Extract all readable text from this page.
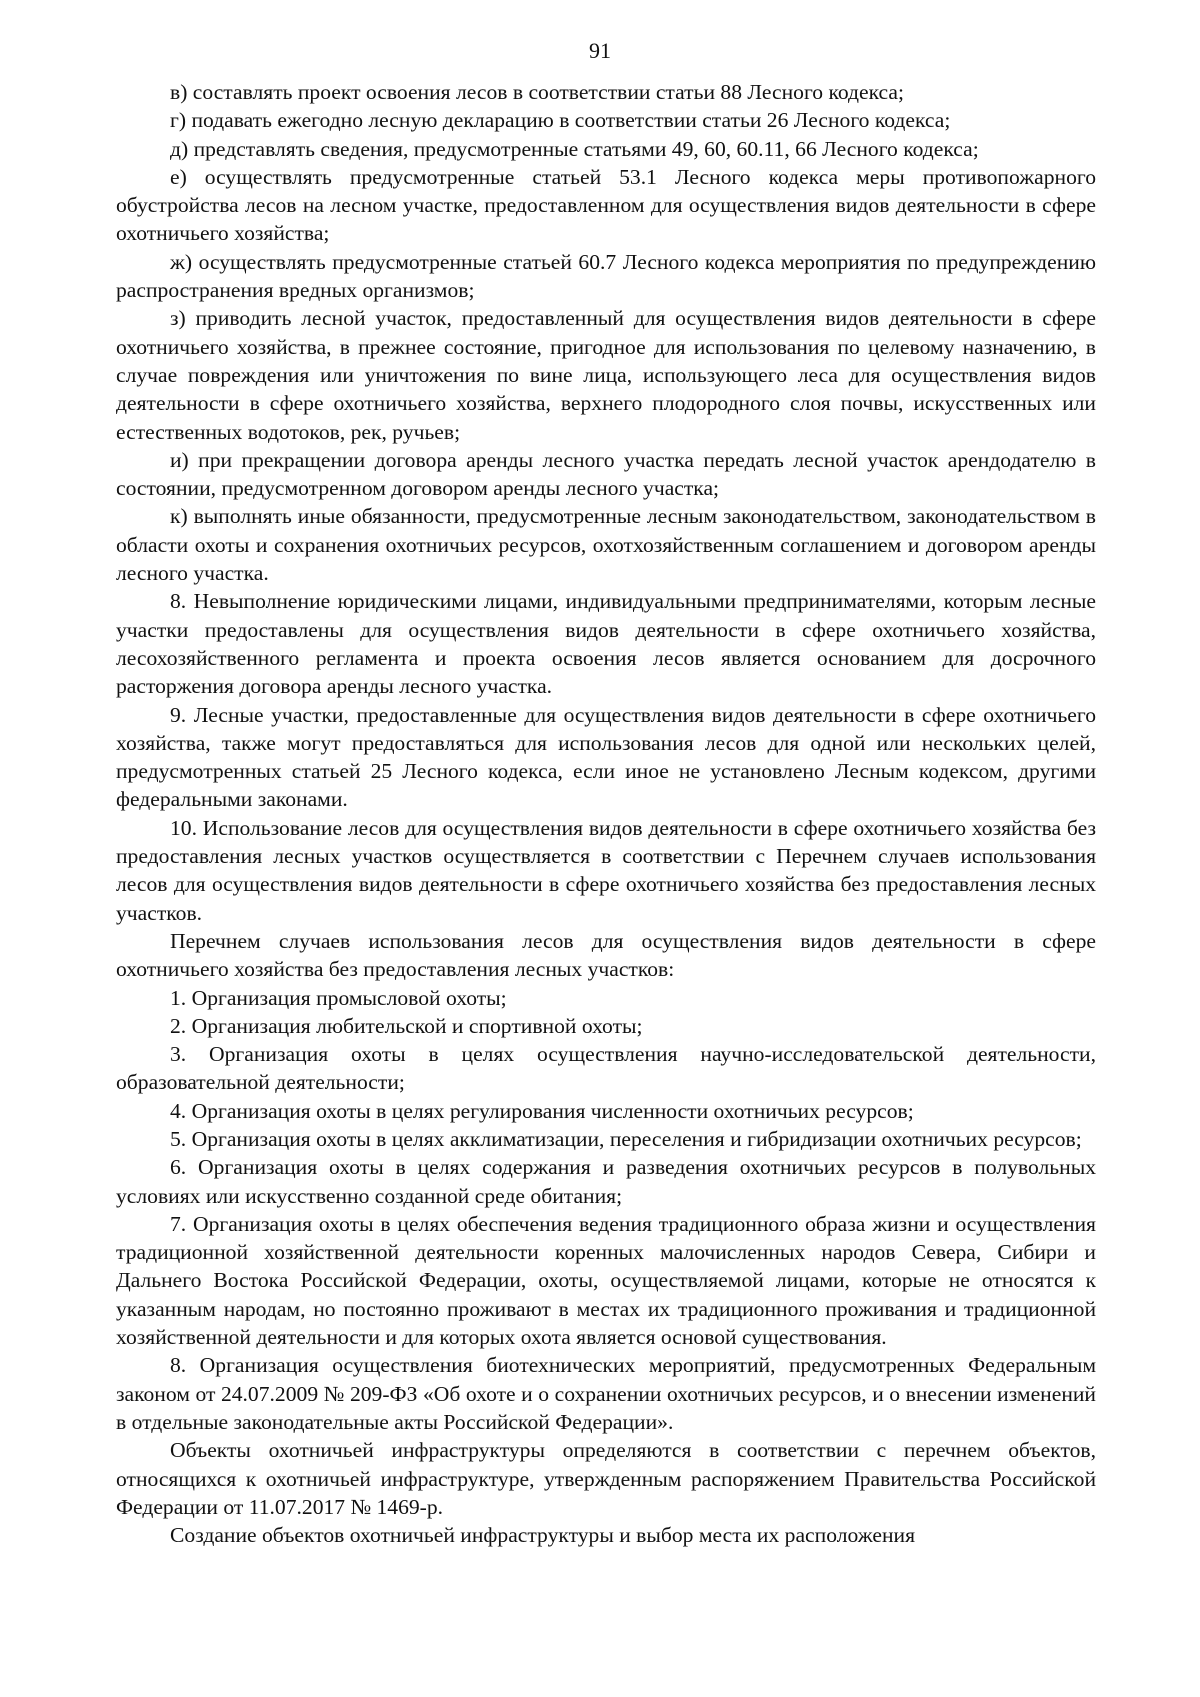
91

в) составлять проект освоения лесов в соответствии статьи 88 Лесного кодекса;

г) подавать ежегодно лесную декларацию в соответствии статьи 26 Лесного кодекса;

д) представлять сведения, предусмотренные статьями 49, 60, 60.11, 66 Лесного кодекса;

е) осуществлять предусмотренные статьей 53.1 Лесного кодекса меры противопожарного обустройства лесов на лесном участке, предоставленном для осуществления видов деятельности в сфере охотничьего хозяйства;

ж) осуществлять предусмотренные статьей 60.7 Лесного кодекса мероприятия по предупреждению распространения вредных организмов;

з) приводить лесной участок, предоставленный для осуществления видов деятельности в сфере охотничьего хозяйства, в прежнее состояние, пригодное для использования по целевому назначению, в случае повреждения или уничтожения по вине лица, использующего леса для осуществления видов деятельности в сфере охотничьего хозяйства, верхнего плодородного слоя почвы, искусственных или естественных водотоков, рек, ручьев;

и) при прекращении договора аренды лесного участка передать лесной участок арендодателю в состоянии, предусмотренном договором аренды лесного участка;

к) выполнять иные обязанности, предусмотренные лесным законодательством, законодательством в области охоты и сохранения охотничьих ресурсов, охотхозяйственным соглашением и договором аренды лесного участка.

8. Невыполнение юридическими лицами, индивидуальными предпринимателями, которым лесные участки предоставлены для осуществления видов деятельности в сфере охотничьего хозяйства, лесохозяйственного регламента и проекта освоения лесов является основанием для досрочного расторжения договора аренды лесного участка.

9. Лесные участки, предоставленные для осуществления видов деятельности в сфере охотничьего хозяйства, также могут предоставляться для использования лесов для одной или нескольких целей, предусмотренных статьей 25 Лесного кодекса, если иное не установлено Лесным кодексом, другими федеральными законами.

10. Использование лесов для осуществления видов деятельности в сфере охотничьего хозяйства без предоставления лесных участков осуществляется в соответствии с Перечнем случаев использования лесов для осуществления видов деятельности в сфере охотничьего хозяйства без предоставления лесных участков.

Перечнем случаев использования лесов для осуществления видов деятельности в сфере охотничьего хозяйства без предоставления лесных участков:

1. Организация промысловой охоты;

2. Организация любительской и спортивной охоты;

3. Организация охоты в целях осуществления научно-исследовательской деятельности, образовательной деятельности;

4. Организация охоты в целях регулирования численности охотничьих ресурсов;

5. Организация охоты в целях акклиматизации, переселения и гибридизации охотничьих ресурсов;

6. Организация охоты в целях содержания и разведения охотничьих ресурсов в полувольных условиях или искусственно созданной среде обитания;

7. Организация охоты в целях обеспечения ведения традиционного образа жизни и осуществления традиционной хозяйственной деятельности коренных малочисленных народов Севера, Сибири и Дальнего Востока Российской Федерации, охоты, осуществляемой лицами, которые не относятся к указанным народам, но постоянно проживают в местах их традиционного проживания и традиционной хозяйственной деятельности и для которых охота является основой существования.

8. Организация осуществления биотехнических мероприятий, предусмотренных Федеральным законом от 24.07.2009 № 209-ФЗ «Об охоте и о сохранении охотничьих ресурсов, и о внесении изменений в отдельные законодательные акты Российской Федерации».

Объекты охотничьей инфраструктуры определяются в соответствии с перечнем объектов, относящихся к охотничьей инфраструктуре, утвержденным распоряжением Правительства Российской Федерации от 11.07.2017 № 1469-р.

Создание объектов охотничьей инфраструктуры и выбор места их расположения
